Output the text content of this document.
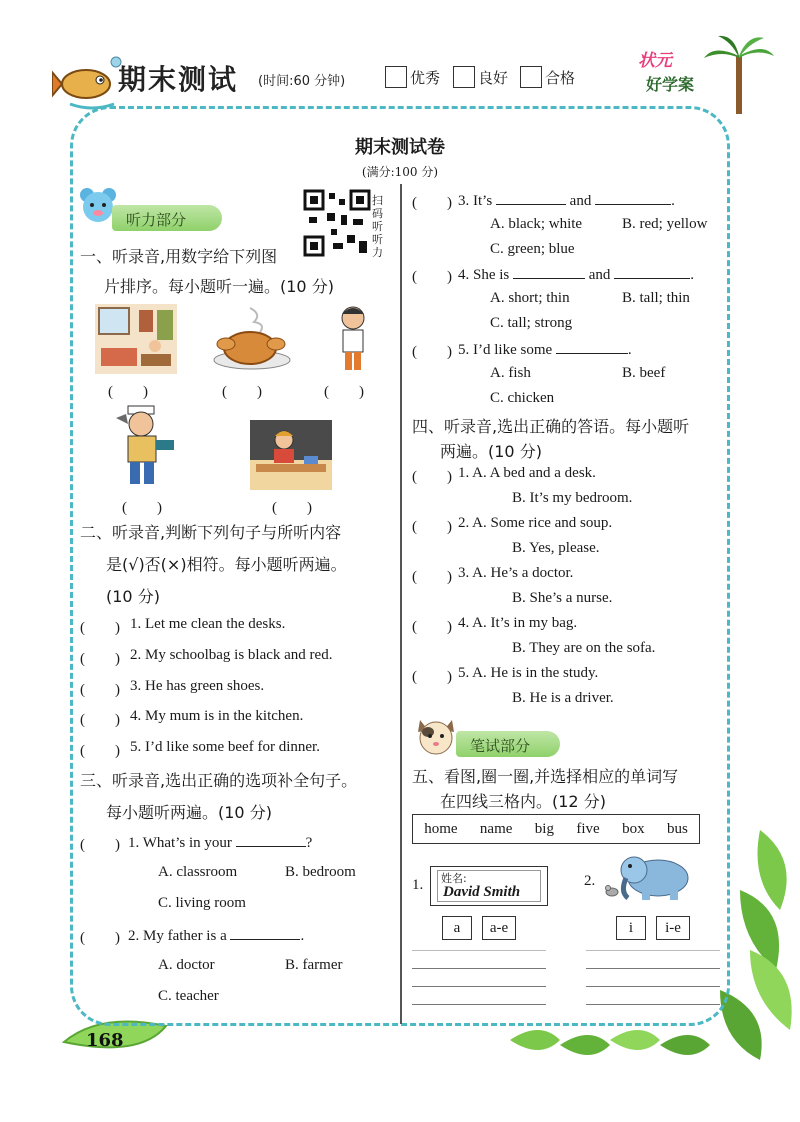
期末测试 (时间:60 分钟)	优秀	良好 合格
状元
好学案
期末测试卷
(满分:100 分)
听力部分
扫码听听力
一、听录音,用数字给下列图
片排序。每小题听一遍。(10 分)
(　　)	(　　)	(　　)
(　　)	(　　)
二、听录音,判断下列句子与所听内容
是(√)否(×)相符。每小题听两遍。
(10 分)
(　　) 1. Let me clean the desks.
(　　) 2. My schoolbag is black and red.
(　　) 3. He has green shoes.
(　　) 4. My mum is in the kitchen.
(　　) 5. I’d like some beef for dinner.
三、听录音,选出正确的选项补全句子。
每小题听两遍。(10 分)
(　　) 1. What’s in your	?
A. classroom	B. bedroom
C. living room
(　　) 2. My father is a	.
A. doctor	B. farmer
C. teacher
(　　) 3. It’s	and	.
A. black; white	B. red; yellow
C. green; blue
(　　) 4. She is	and	.
A. short; thin	B. tall; thin
C. tall; strong
(　　) 5. I’d like some	.
A. fish	B. beef
C. chicken
四、听录音,选出正确的答语。每小题听
两遍。(10 分)
(　　) 1. A. A bed and a desk.
B. It’s my bedroom.
(　　) 2. A. Some rice and soup.
B. Yes, please.
(　　) 3. A. He’s a doctor.
B. She’s a nurse.
(　　) 4. A. It’s in my bag.
B. They are on the sofa.
(　　) 5. A. He is in the study.
B. He is a driver.
笔试部分
五、看图,圈一圈,并选择相应的单词写
在四线三格内。(12 分)
home name big five box bus
1. 姓名:
David Smith
2.
a	a-e	i	i-e
168
